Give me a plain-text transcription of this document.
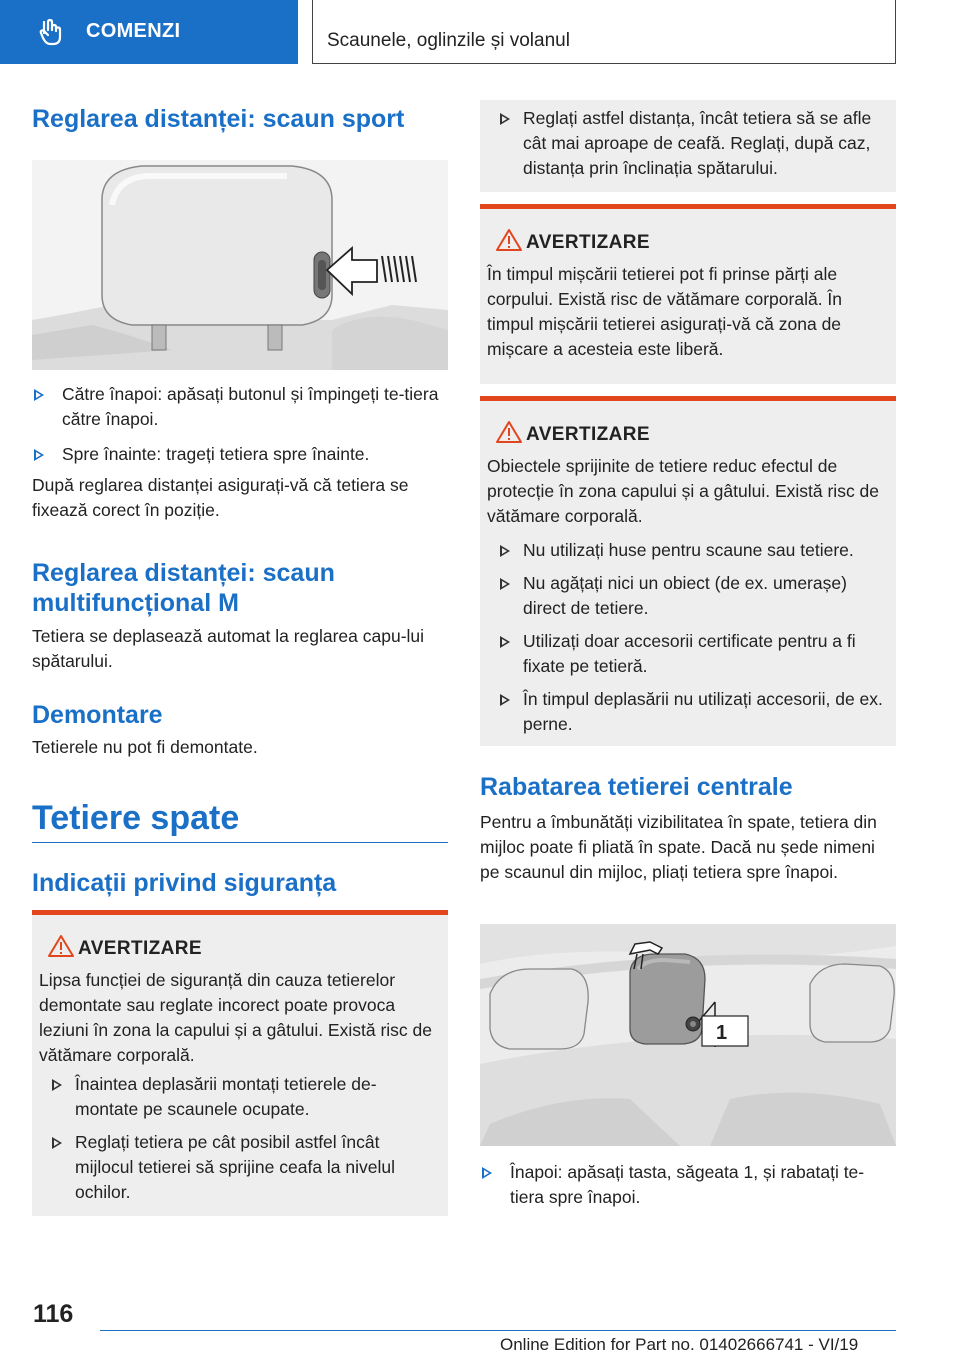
COMENZI	Scaunele, oglinzile și volanul
Reglarea distanței: scaun sport
Către înapoi: apăsați butonul și împingeți te-tiera către înapoi.
Spre înainte: trageți tetiera spre înainte.

După reglarea distanței asigurați-vă că tetiera se fixează corect în poziție.

Reglarea distanței: scaun multifuncțional M

Tetiera se deplasează automat la reglarea capu-lui spătarului.

Demontare

Tetierele nu pot fi demontate.

Tetiere spate
Indicații privind siguranța
AVERTIZARE

Lipsa funcției de siguranță din cauza tetierelor demontate sau reglate incorect poate provoca leziuni în zona la capului și a gâtului. Există risc de vătămare corporală.

Înaintea deplasării montați tetierele de-montate pe scaunele ocupate.
Reglați tetiera pe cât posibil astfel încât mijlocul tetierei să sprijine ceafa la nivelul ochilor.
Reglați astfel distanța, încât tetiera să se afle cât mai aproape de ceafă. Reglați, după caz, distanța prin înclinația spătarului.
AVERTIZARE

În timpul mișcării tetierei pot fi prinse părți ale corpului. Există risc de vătămare corporală. În timpul mișcării tetierei asigurați-vă că zona de mișcare a acesteia este liberă.

AVERTIZARE

Obiectele sprijinite de tetiere reduc efectul de protecție în zona capului și a gâtului. Există risc de vătămare corporală.

Nu utilizați huse pentru scaune sau tetiere.
Nu agățați nici un obiect (de ex. umerașe) direct de tetiere.
Utilizați doar accesorii certificate pentru a fi fixate pe tetieră.
În timpul deplasării nu utilizați accesorii, de ex. perne.
Rabatarea tetierei centrale

Pentru a îmbunătăți vizibilitatea în spate, tetiera din mijloc poate fi pliată în spate. Dacă nu șede nimeni pe scaunul din mijloc, pliați tetiera spre înapoi.

1
Înapoi: apăsați tasta, săgeata 1, și rabatați te-tiera spre înapoi.
116
Online Edition for Part no. 01402666741 - VI/19
